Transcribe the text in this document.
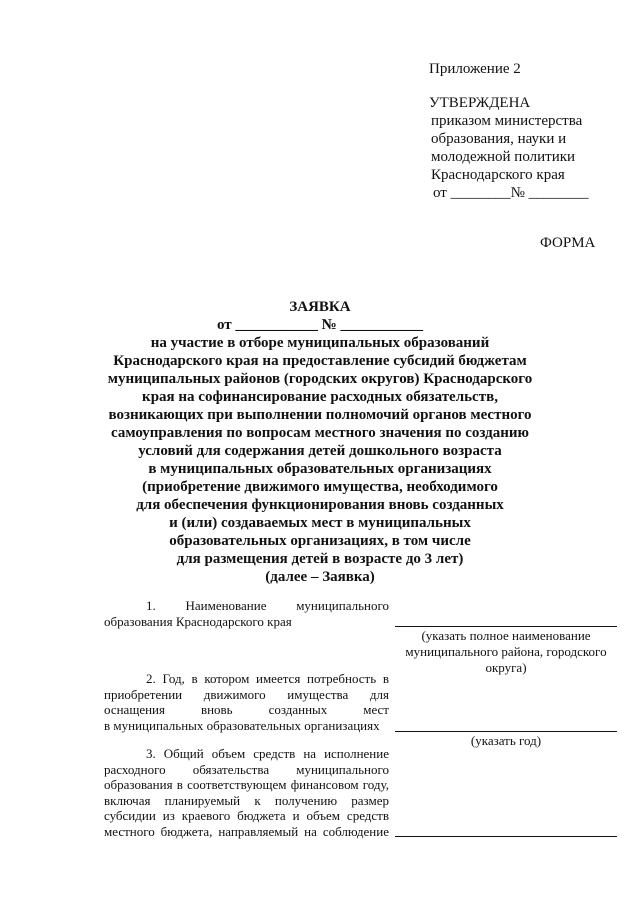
Приложение 2
УТВЕРЖДЕНА
приказом министерства
образования, науки и
молодежной политики
Краснодарского края
от ________№ ________
ФОРМА
ЗАЯВКА
от ___________ № ___________
на участие в отборе муниципальных образований
Краснодарского края на предоставление субсидий бюджетам
муниципальных районов (городских округов) Краснодарского
края на софинансирование расходных обязательств,
возникающих при выполнении полномочий органов местного
самоуправления по вопросам местного значения по созданию
условий для содержания детей дошкольного возраста
в муниципальных образовательных организациях
(приобретение движимого имущества, необходимого
для обеспечения функционирования вновь созданных
и (или) создаваемых мест в муниципальных
образовательных организациях, в том числе
для размещения детей в возрасте до 3 лет)
(далее – Заявка)
1. Наименование муниципального
образования Краснодарского края
(указать полное наименование
муниципального района, городского
округа)
2. Год, в котором имеется потребность в
приобретении движимого имущества для
оснащения вновь созданных мест
в муниципальных образовательных организациях
(указать год)
3. Общий объем средств на исполнение
расходного обязательства муниципального
образования в соответствующем финансовом году,
включая планируемый к получению размер
субсидии из краевого бюджета и объем средств
местного бюджета, направляемый на соблюдение
